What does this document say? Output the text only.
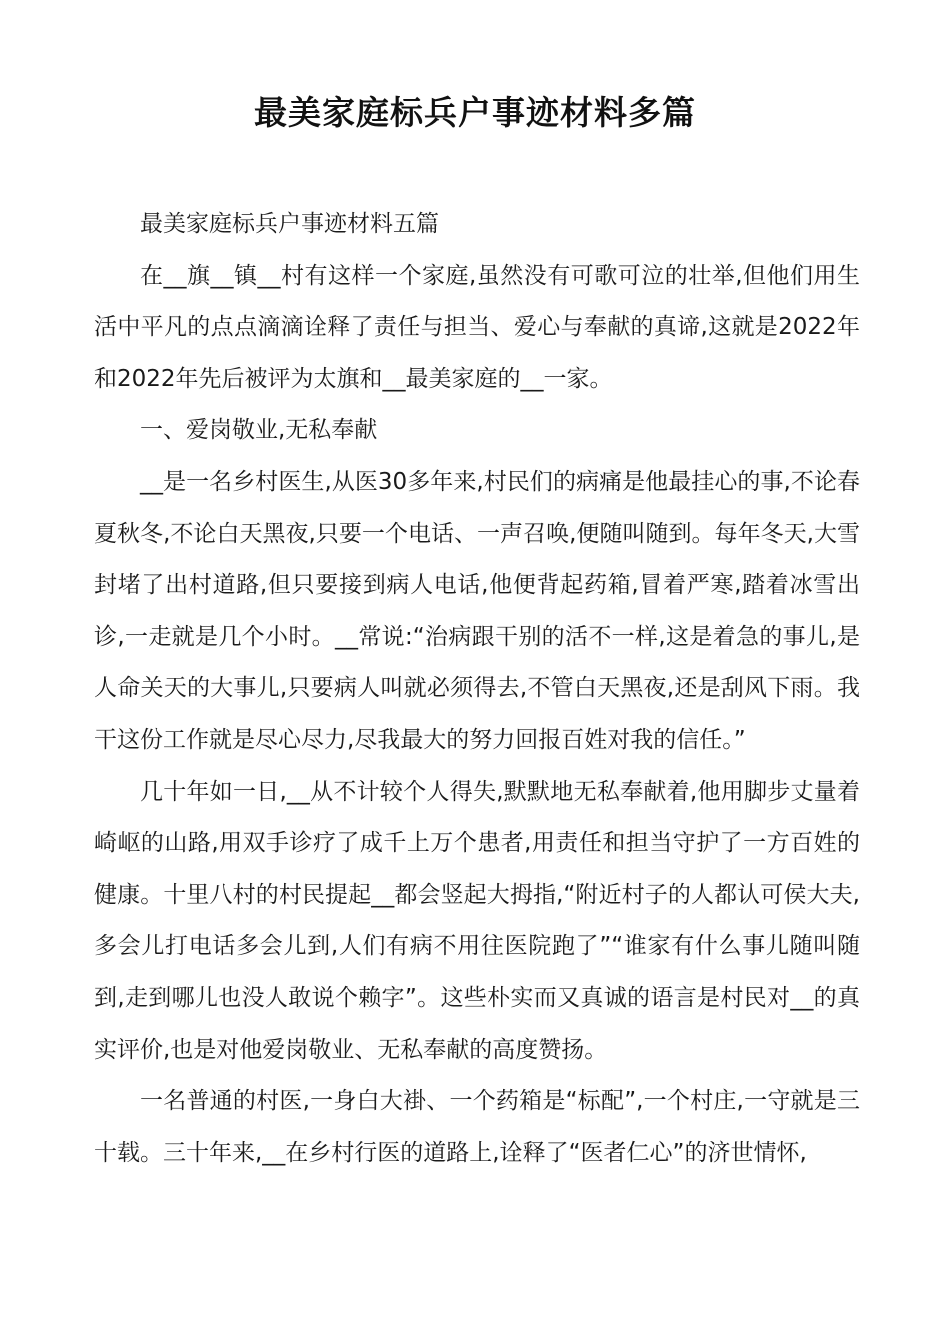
最美家庭标兵户事迹材料多篇

最美家庭标兵户事迹材料五篇

在__旗__镇__村有这样一个家庭,虽然没有可歌可泣的壮举,但他们用生活中平凡的点点滴滴诠释了责任与担当、爱心与奉献的真谛,这就是2022年和2022年先后被评为太旗和__最美家庭的__一家。

一、爱岗敬业,无私奉献

__是一名乡村医生,从医30多年来,村民们的病痛是他最挂心的事,不论春夏秋冬,不论白天黑夜,只要一个电话、一声召唤,便随叫随到。每年冬天,大雪封堵了出村道路,但只要接到病人电话,他便背起药箱,冒着严寒,踏着冰雪出诊,一走就是几个小时。__常说:“治病跟干别的活不一样,这是着急的事儿,是人命关天的大事儿,只要病人叫就必须得去,不管白天黑夜,还是刮风下雨。我干这份工作就是尽心尽力,尽我最大的努力回报百姓对我的信任。”

几十年如一日,__从不计较个人得失,默默地无私奉献着,他用脚步丈量着崎岖的山路,用双手诊疗了成千上万个患者,用责任和担当守护了一方百姓的健康。十里八村的村民提起__都会竖起大拇指,“附近村子的人都认可侯大夫,多会儿打电话多会儿到,人们有病不用往医院跑了”“谁家有什么事儿随叫随到,走到哪儿也没人敢说个赖字”。这些朴实而又真诚的语言是村民对__的真实评价,也是对他爱岗敬业、无私奉献的高度赞扬。

一名普通的村医,一身白大褂、一个药箱是“标配”,一个村庄,一守就是三十载。三十年来,__在乡村行医的道路上,诠释了“医者仁心”的济世情怀,
